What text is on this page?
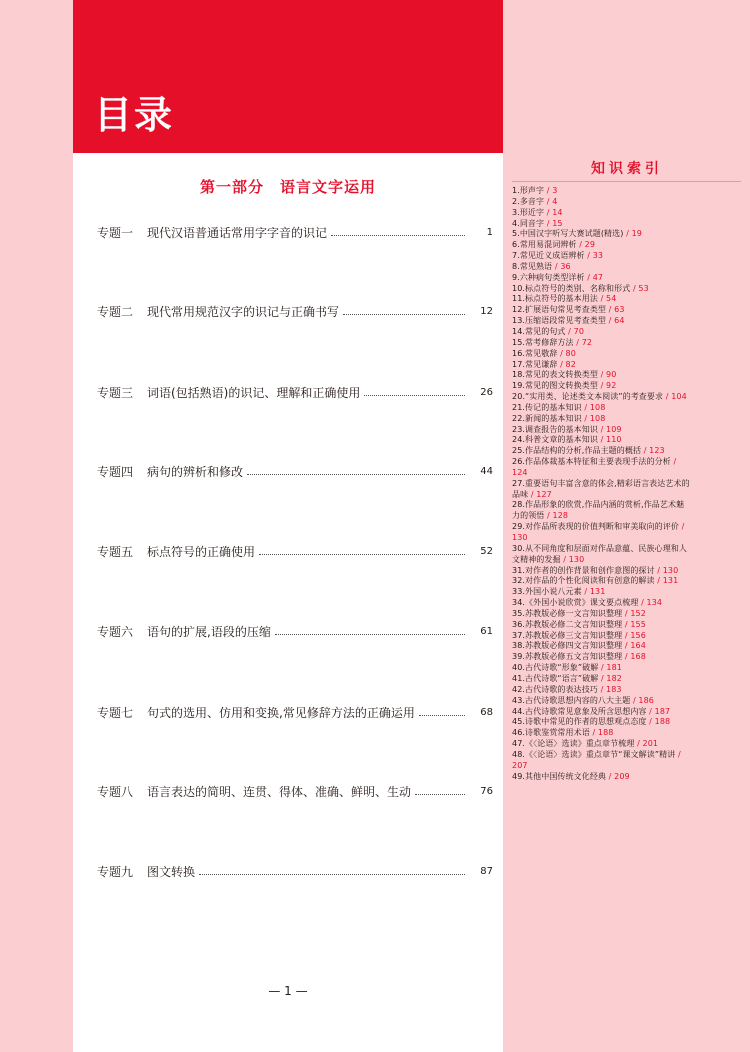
目录
第一部分　语言文字运用
专题一	现代汉语普通话常用字字音的识记	1
专题二	现代常用规范汉字的识记与正确书写	12
专题三	词语(包括熟语)的识记、理解和正确使用	26
专题四	病句的辨析和修改	44
专题五	标点符号的正确使用	52
专题六	语句的扩展,语段的压缩	61
专题七	句式的选用、仿用和变换,常见修辞方法的正确运用	68
专题八	语言表达的简明、连贯、得体、准确、鲜明、生动	76
专题九	图文转换	87
— 1 —
知识索引
1.形声字 / 3
2.多音字 / 4
3.形近字 / 14
4.同音字 / 15
5.中国汉字听写大赛试题(精选) / 19
6.常用易混词辨析 / 29
7.常见近义成语辨析 / 33
8.常见熟语 / 36
9.六种病句类型详析 / 47
10.标点符号的类别、名称和形式 / 53
11.标点符号的基本用法 / 54
12.扩展语句常见考查类型 / 63
13.压缩语段常见考查类型 / 64
14.常见的句式 / 70
15.常考修辞方法 / 72
16.常见敬辞 / 80
17.常见谦辞 / 82
18.常见的表文转换类型 / 90
19.常见的图文转换类型 / 92
20.“实用类、论述类文本阅读”的考查要求 / 104
21.传记的基本知识 / 108
22.新闻的基本知识 / 108
23.调查报告的基本知识 / 109
24.科普文章的基本知识 / 110
25.作品结构的分析,作品主题的概括 / 123
26.作品体裁基本特征和主要表现手法的分析 / 124
27.重要语句丰富含意的体会,精彩语言表达艺术的品味 / 127
28.作品形象的欣赏,作品内涵的赏析,作品艺术魅力的领悟 / 128
29.对作品所表现的价值判断和审美取向的评价 / 130
30.从不同角度和层面对作品意蕴、民族心理和人文精神的发掘 / 130
31.对作者的创作背景和创作意图的探讨 / 130
32.对作品的个性化阅读和有创意的解读 / 131
33.外国小说八元素 / 131
34.《外国小说欣赏》课文要点梳理 / 134
35.苏教版必修一文言知识整理 / 152
36.苏教版必修二文言知识整理 / 155
37.苏教版必修三文言知识整理 / 156
38.苏教版必修四文言知识整理 / 164
39.苏教版必修五文言知识整理 / 168
40.古代诗歌“形象”破解 / 181
41.古代诗歌“语言”破解 / 182
42.古代诗歌的表达技巧 / 183
43.古代诗歌思想内容的八大主题 / 186
44.古代诗歌常见意象及所含思想内容 / 187
45.诗歌中常见的作者的思想观点态度 / 188
46.诗歌鉴赏常用术语 / 188
47.《〈论语〉选读》重点章节梳理 / 201
48.《〈论语〉选读》重点章节“课文解读”精讲 / 207
49.其他中国传统文化经典 / 209
